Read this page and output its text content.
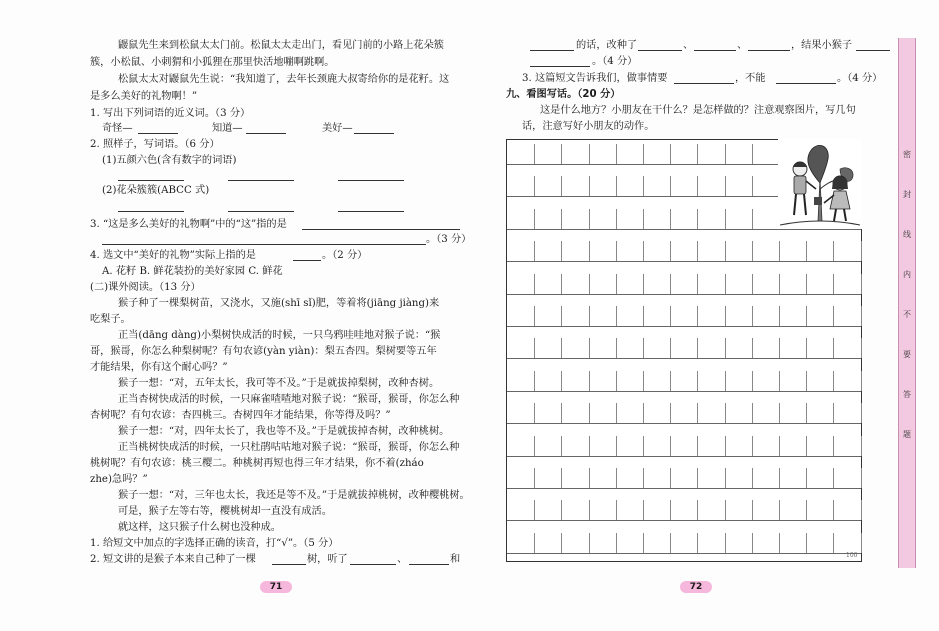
鼹鼠先生来到松鼠太太门前。松鼠太太走出门，看见门前的小路上花朵簇
簇，小松鼠、小刺猬和小狐狸在那里快活地嘣啊跳啊。
松鼠太太对鼹鼠先生说：“我知道了，去年长颈鹿大叔寄给你的是花籽。这
是多么美好的礼物啊！”
1. 写出下列词语的近义词。（3 分）
奇怪—	知道—	美好—
2. 照样子，写词语。（6 分）
(1)五颜六色(含有数字的词语)
(2)花朵簇簇(ABCC 式)
3. “这是多么美好的礼物啊”中的“这”指的是
。（3 分）
4. 选文中“美好的礼物”实际上指的是	。（2 分）
A. 花籽 B. 鲜花装扮的美好家园 C. 鲜花
(二)课外阅读。（13 分）
猴子种了一棵梨树苗，又浇水，又施(shī sǐ)肥，等着将(jiāng jiàng)来
吃梨子。
正当(dāng dàng)小梨树快成活的时候，一只乌鸦哇哇地对猴子说：“猴
哥，猴哥，你怎么种梨树呢？有句农谚(yàn yiàn)：梨五杏四。梨树要等五年
才能结果，你有这个耐心吗？”
猴子一想：“对，五年太长，我可等不及。”于是就拔掉梨树，改种杏树。
正当杏树快成活的时候，一只麻雀喳喳地对猴子说：“猴哥，猴哥，你怎么种
杏树呢？有句农谚：杏四桃三。杏树四年才能结果，你等得及吗？”
猴子一想：“对，四年太长了，我也等不及。”于是就拔掉杏树，改种桃树。
正当桃树快成活的时候，一只杜鹃咕咕地对猴子说：“猴哥，猴哥，你怎么种
桃树呢？有句农谚：桃三樱二。种桃树再短也得三年才结果，你不着(zháo
zhe)急吗？”
猴子一想：“对，三年也太长，我还是等不及。”于是就拔掉桃树，改种樱桃树。
可是，猴子左等右等，樱桃树却一直没有成活。
就这样，这只猴子什么树也没种成。
1. 给短文中加点的字选择正确的读音，打“√”。（5 分）
2. 短文讲的是猴子本来自己种了一棵	树，听了	、	和
71
的话，改种了	、	、	，结果小猴子
。（4 分）
3. 这篇短文告诉我们，做事情要	，不能	。（4 分）
九、看图写话。（20 分）
这是什么地方？小朋友在干什么？是怎样做的？注意观察图片，写几句
话，注意写好小朋友的动作。
72
100
密
封
线
内
不
要
答
题
